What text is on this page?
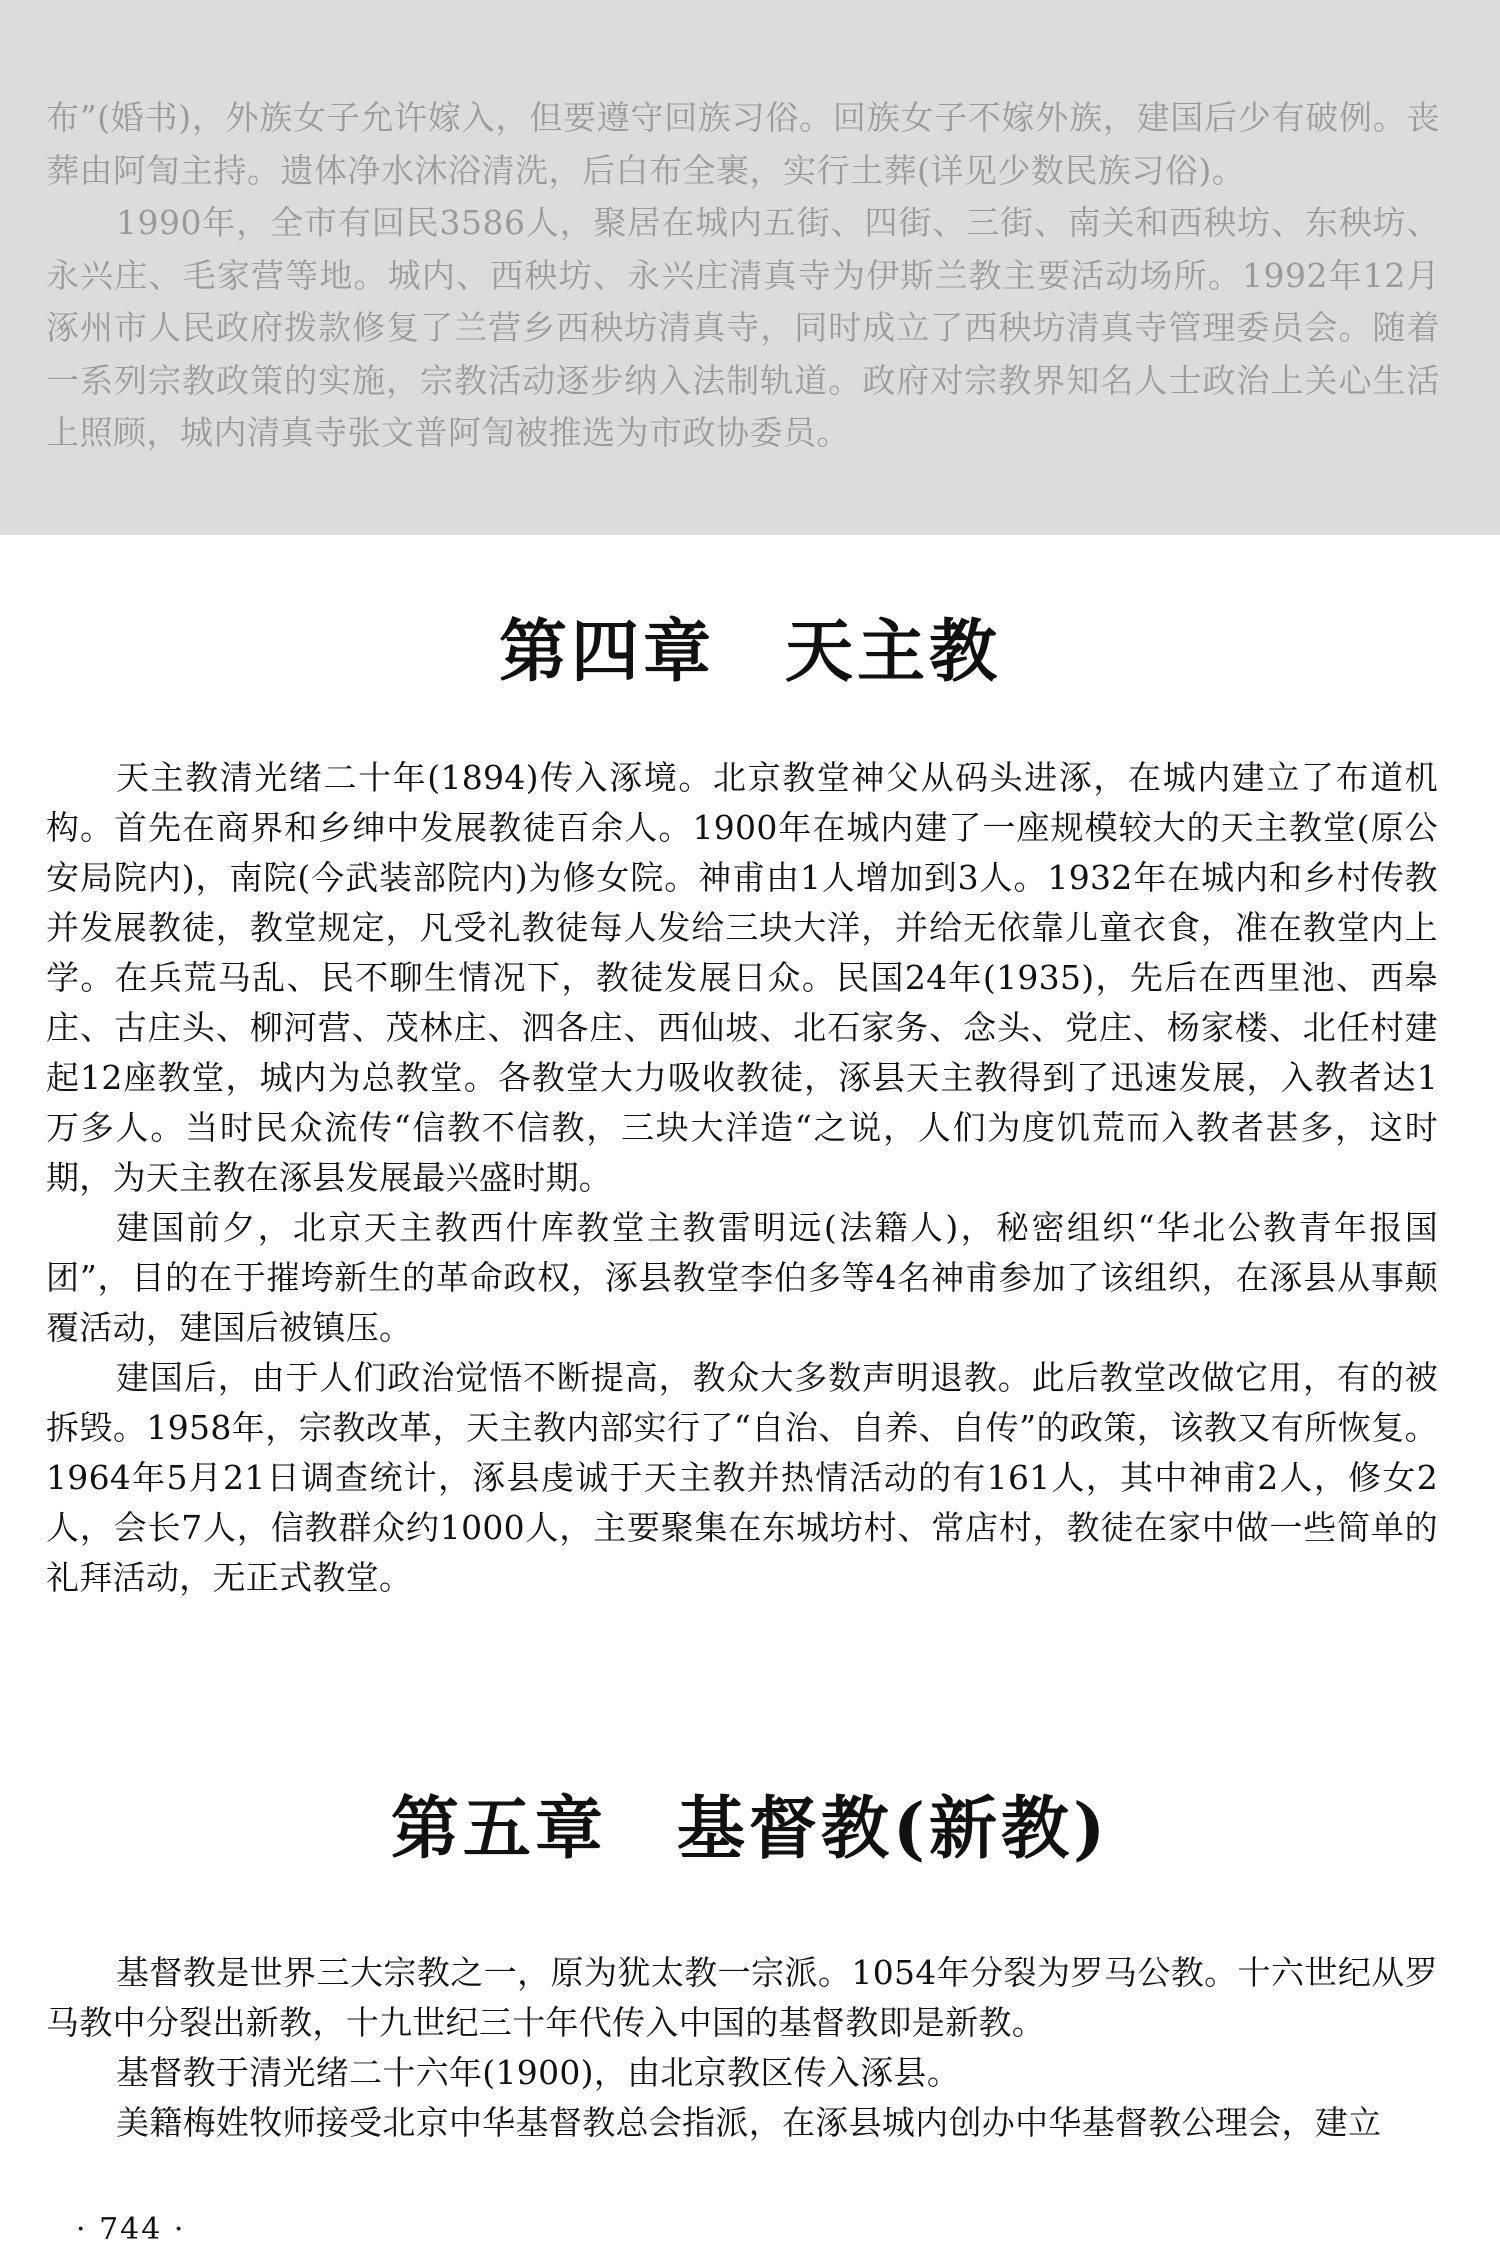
布”(婚书)，外族女子允许嫁入，但要遵守回族习俗。回族女子不嫁外族，建国后少有破例。丧葬由阿訇主持。遗体净水沐浴清洗，后白布全裹，实行土葬(详见少数民族习俗)。

1990年，全市有回民3586人，聚居在城内五街、四街、三街、南关和西秧坊、东秧坊、永兴庄、毛家营等地。城内、西秧坊、永兴庄清真寺为伊斯兰教主要活动场所。1992年12月涿州市人民政府拨款修复了兰营乡西秧坊清真寺，同时成立了西秧坊清真寺管理委员会。随着一系列宗教政策的实施，宗教活动逐步纳入法制轨道。政府对宗教界知名人士政治上关心生活上照顾，城内清真寺张文普阿訇被推选为市政协委员。

第四章 天主教

天主教清光绪二十年(1894)传入涿境。北京教堂神父从码头进涿，在城内建立了布道机构。首先在商界和乡绅中发展教徒百余人。1900年在城内建了一座规模较大的天主教堂(原公安局院内)，南院(今武装部院内)为修女院。神甫由1人增加到3人。1932年在城内和乡村传教并发展教徒，教堂规定，凡受礼教徒每人发给三块大洋，并给无依靠儿童衣食，准在教堂内上学。在兵荒马乱、民不聊生情况下，教徒发展日众。民国24年(1935)，先后在西里池、西皋庄、古庄头、柳河营、茂林庄、泗各庄、西仙坡、北石家务、念头、党庄、杨家楼、北任村建起12座教堂，城内为总教堂。各教堂大力吸收教徒，涿县天主教得到了迅速发展，入教者达1万多人。当时民众流传“信教不信教，三块大洋造“之说，人们为度饥荒而入教者甚多，这时期，为天主教在涿县发展最兴盛时期。

建国前夕，北京天主教西什库教堂主教雷明远(法籍人)，秘密组织“华北公教青年报国团”，目的在于摧垮新生的革命政权，涿县教堂李伯多等4名神甫参加了该组织，在涿县从事颠覆活动，建国后被镇压。

建国后，由于人们政治觉悟不断提高，教众大多数声明退教。此后教堂改做它用，有的被拆毁。1958年，宗教改革，天主教内部实行了“自治、自养、自传”的政策，该教又有所恢复。1964年5月21日调查统计，涿县虔诚于天主教并热情活动的有161人，其中神甫2人，修女2人，会长7人，信教群众约1000人，主要聚集在东城坊村、常店村，教徒在家中做一些简单的礼拜活动，无正式教堂。

第五章 基督教(新教)

基督教是世界三大宗教之一，原为犹太教一宗派。1054年分裂为罗马公教。十六世纪从罗马教中分裂出新教，十九世纪三十年代传入中国的基督教即是新教。

基督教于清光绪二十六年(1900)，由北京教区传入涿县。

美籍梅姓牧师接受北京中华基督教总会指派，在涿县城内创办中华基督教公理会，建立

· 744 ·
